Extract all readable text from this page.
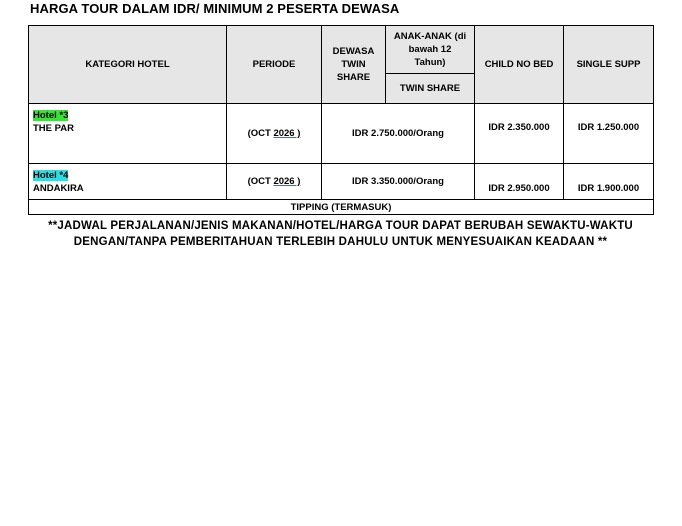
HARGA TOUR DALAM IDR/ MINIMUM 2 PESERTA DEWASA
KATEGORI HOTEL	PERIODE	DEWASA TWIN SHARE	ANAK-ANAK (di bawah 12 Tahun)	CHILD NO BED	SINGLE SUPP
			TWIN SHARE		
Hotel *3
THE PAR	(OCT 2026 )	IDR 2.750.000/Orang		IDR 2.350.000	IDR 1.250.000
Hotel *4
ANDAKIRA	(OCT 2026 )	IDR 3.350.000/Orang		IDR 2.950.000	IDR 1.900.000
TIPPING (TERMASUK)					
**JADWAL PERJALANAN/JENIS MAKANAN/HOTEL/HARGA TOUR DAPAT BERUBAH SEWAKTU-WAKTU
DENGAN/TANPA PEMBERITAHUAN TERLEBIH DAHULU UNTUK MENYESUAIKAN KEADAAN **
